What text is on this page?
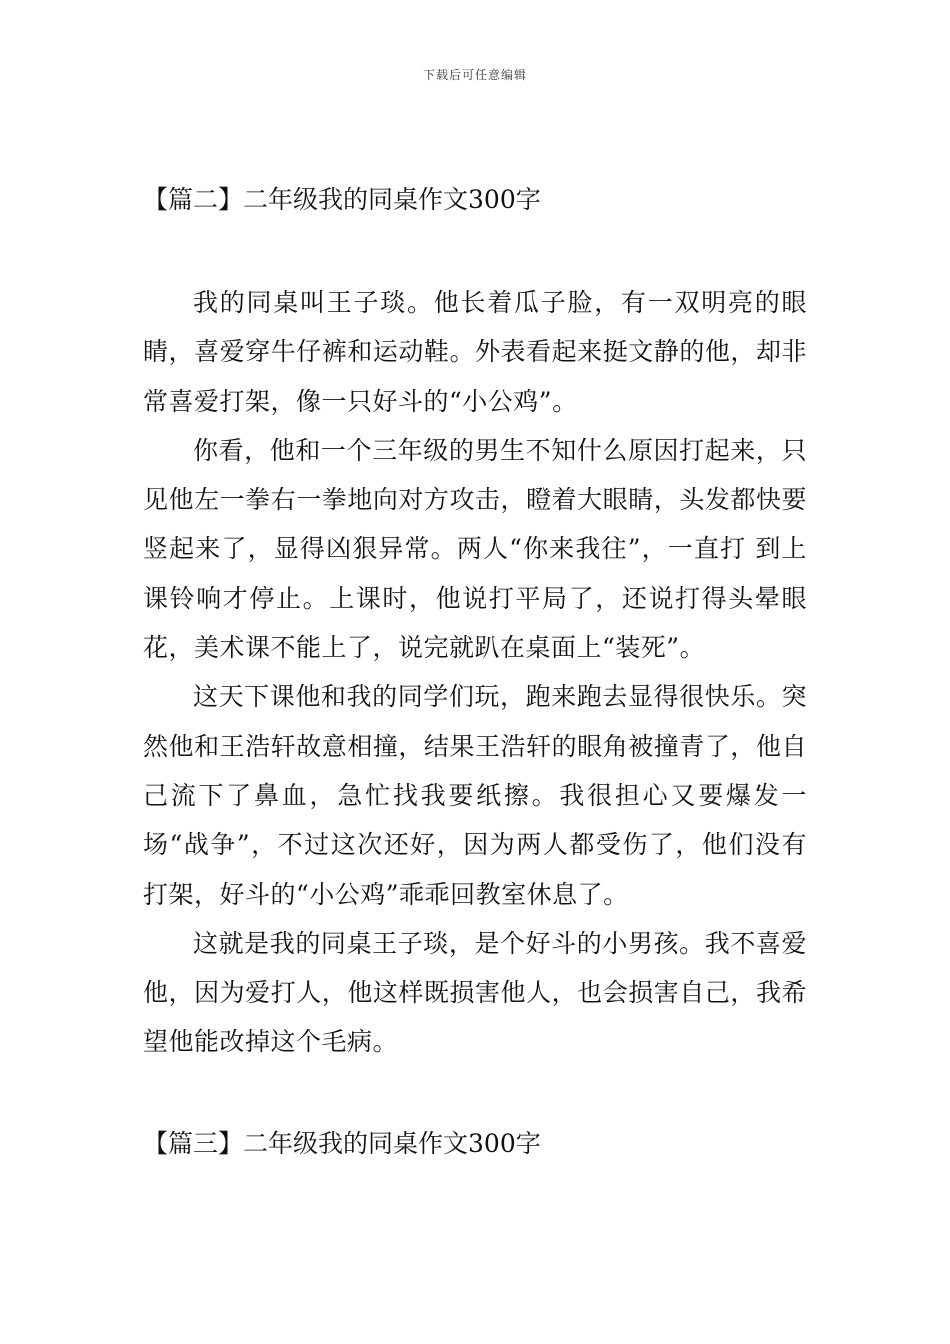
下载后可任意编辑
【篇二】二年级我的同桌作文300字

我的同桌叫王子琰。他长着瓜子脸，有一双明亮的眼睛，喜爱穿牛仔裤和运动鞋。外表看起来挺文静的他，却非常喜爱打架，像一只好斗的“小公鸡”。

你看，他和一个三年级的男生不知什么原因打起来，只见他左一拳右一拳地向对方攻击，瞪着大眼睛，头发都快要竖起来了，显得凶狠异常。两人“你来我往”，一直打 到上课铃响才停止。上课时，他说打平局了，还说打得头晕眼花，美术课不能上了，说完就趴在桌面上“装死”。

这天下课他和我的同学们玩，跑来跑去显得很快乐。突然他和王浩轩故意相撞，结果王浩轩的眼角被撞青了，他自己流下了鼻血，急忙找我要纸擦。我很担心又要爆发一场“战争”，不过这次还好，因为两人都受伤了，他们没有打架，好斗的“小公鸡”乖乖回教室休息了。

这就是我的同桌王子琰，是个好斗的小男孩。我不喜爱他，因为爱打人，他这样既损害他人，也会损害自己，我希望他能改掉这个毛病。

【篇三】二年级我的同桌作文300字
